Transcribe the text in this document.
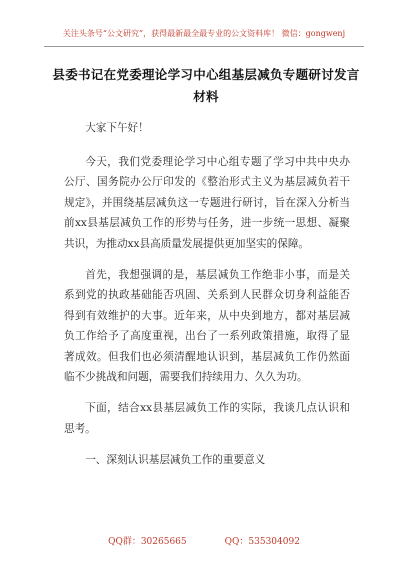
关注头条号“公文研究”，获得最新最全最专业的公文资料库！ 微信：gongwenj
县委书记在党委理论学习中心组基层减负专题研讨发言材料

大家下午好！

今天，我们党委理论学习中心组专题了学习中共中央办公厅、国务院办公厅印发的《整治形式主义为基层减负若干规定》，并围绕基层减负这一专题进行研讨，旨在深入分析当前xx县基层减负工作的形势与任务，进一步统一思想、凝聚共识，为推动xx县高质量发展提供更加坚实的保障。

首先，我想强调的是，基层减负工作绝非小事，而是关系到党的执政基础能否巩固、关系到人民群众切身利益能否得到有效维护的大事。近年来，从中央到地方，都对基层减负工作给予了高度重视，出台了一系列政策措施，取得了显著成效。但我们也必须清醒地认识到，基层减负工作仍然面临不少挑战和问题，需要我们持续用力、久久为功。

下面，结合xx县基层减负工作的实际，我谈几点认识和思考。

一、深刻认识基层减负工作的重要意义

QQ群：30265665	QQ：535304092
